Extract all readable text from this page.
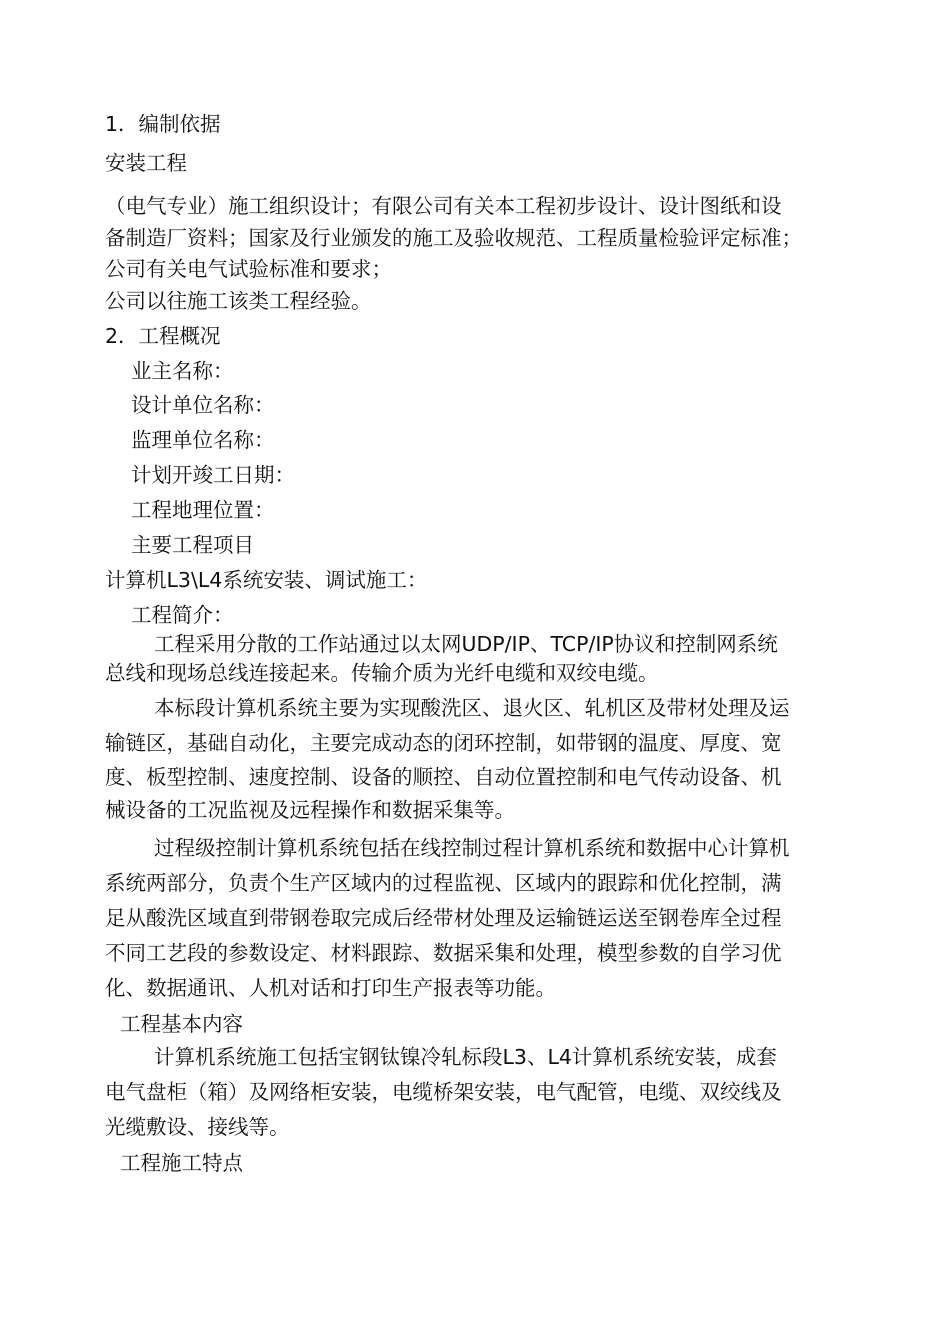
1．编制依据
安装工程
（电气专业）施工组织设计；有限公司有关本工程初步设计、设计图纸和设
备制造厂资料；国家及行业颁发的施工及验收规范、工程质量检验评定标准；
公司有关电气试验标准和要求；
公司以往施工该类工程经验。
2．工程概况
业主名称：
设计单位名称：
监理单位名称：
计划开竣工日期：
工程地理位置：
主要工程项目
计算机L3\L4系统安装、调试施工：
工程简介：
工程采用分散的工作站通过以太网UDP/IP、TCP/IP协议和控制网系统
总线和现场总线连接起来。传输介质为光纤电缆和双绞电缆。
本标段计算机系统主要为实现酸洗区、退火区、轧机区及带材处理及运
输链区，基础自动化，主要完成动态的闭环控制，如带钢的温度、厚度、宽
度、板型控制、速度控制、设备的顺控、自动位置控制和电气传动设备、机
械设备的工况监视及远程操作和数据采集等。
过程级控制计算机系统包括在线控制过程计算机系统和数据中心计算机
系统两部分，负责个生产区域内的过程监视、区域内的跟踪和优化控制，满
足从酸洗区域直到带钢卷取完成后经带材处理及运输链运送至钢卷库全过程
不同工艺段的参数设定、材料跟踪、数据采集和处理，模型参数的自学习优
化、数据通讯、人机对话和打印生产报表等功能。
工程基本内容
计算机系统施工包括宝钢钛镍冷轧标段L3、L4计算机系统安装，成套
电气盘柜（箱）及网络柜安装，电缆桥架安装，电气配管，电缆、双绞线及
光缆敷设、接线等。
工程施工特点
